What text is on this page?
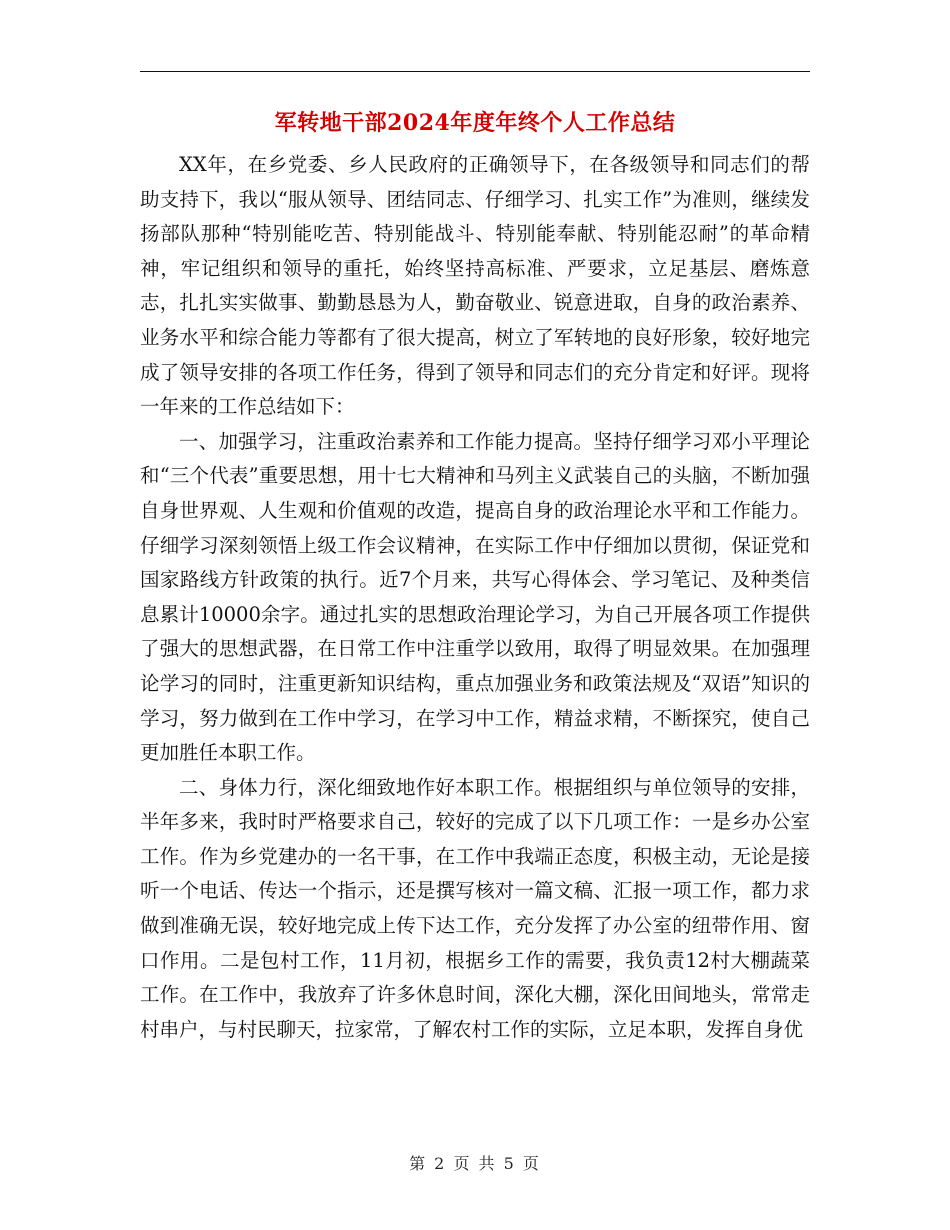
军转地干部2024年度年终个人工作总结

XX年，在乡党委、乡人民政府的正确领导下，在各级领导和同志们的帮助支持下，我以“服从领导、团结同志、仔细学习、扎实工作”为准则，继续发扬部队那种“特别能吃苦、特别能战斗、特别能奉献、特别能忍耐”的革命精神，牢记组织和领导的重托，始终坚持高标准、严要求，立足基层、磨炼意志，扎扎实实做事、勤勤恳恳为人，勤奋敬业、锐意进取，自身的政治素养、业务水平和综合能力等都有了很大提高，树立了军转地的良好形象，较好地完成了领导安排的各项工作任务，得到了领导和同志们的充分肯定和好评。现将一年来的工作总结如下：

一、加强学习，注重政治素养和工作能力提高。坚持仔细学习邓小平理论和“三个代表”重要思想，用十七大精神和马列主义武装自己的头脑，不断加强自身世界观、人生观和价值观的改造，提高自身的政治理论水平和工作能力。仔细学习深刻领悟上级工作会议精神，在实际工作中仔细加以贯彻，保证党和国家路线方针政策的执行。近7个月来，共写心得体会、学习笔记、及种类信息累计10000余字。通过扎实的思想政治理论学习，为自己开展各项工作提供了强大的思想武器，在日常工作中注重学以致用，取得了明显效果。在加强理论学习的同时，注重更新知识结构，重点加强业务和政策法规及“双语”知识的学习，努力做到在工作中学习，在学习中工作，精益求精，不断探究，使自己更加胜任本职工作。

二、身体力行，深化细致地作好本职工作。根据组织与单位领导的安排，半年多来，我时时严格要求自己，较好的完成了以下几项工作：一是乡办公室工作。作为乡党建办的一名干事，在工作中我端正态度，积极主动，无论是接听一个电话、传达一个指示，还是撰写核对一篇文稿、汇报一项工作，都力求做到准确无误，较好地完成上传下达工作，充分发挥了办公室的纽带作用、窗口作用。二是包村工作，11月初，根据乡工作的需要，我负责12村大棚蔬菜工作。在工作中，我放弃了许多休息时间，深化大棚，深化田间地头，常常走村串户，与村民聊天，拉家常，了解农村工作的实际，立足本职，发挥自身优

第 2 页 共 5 页
